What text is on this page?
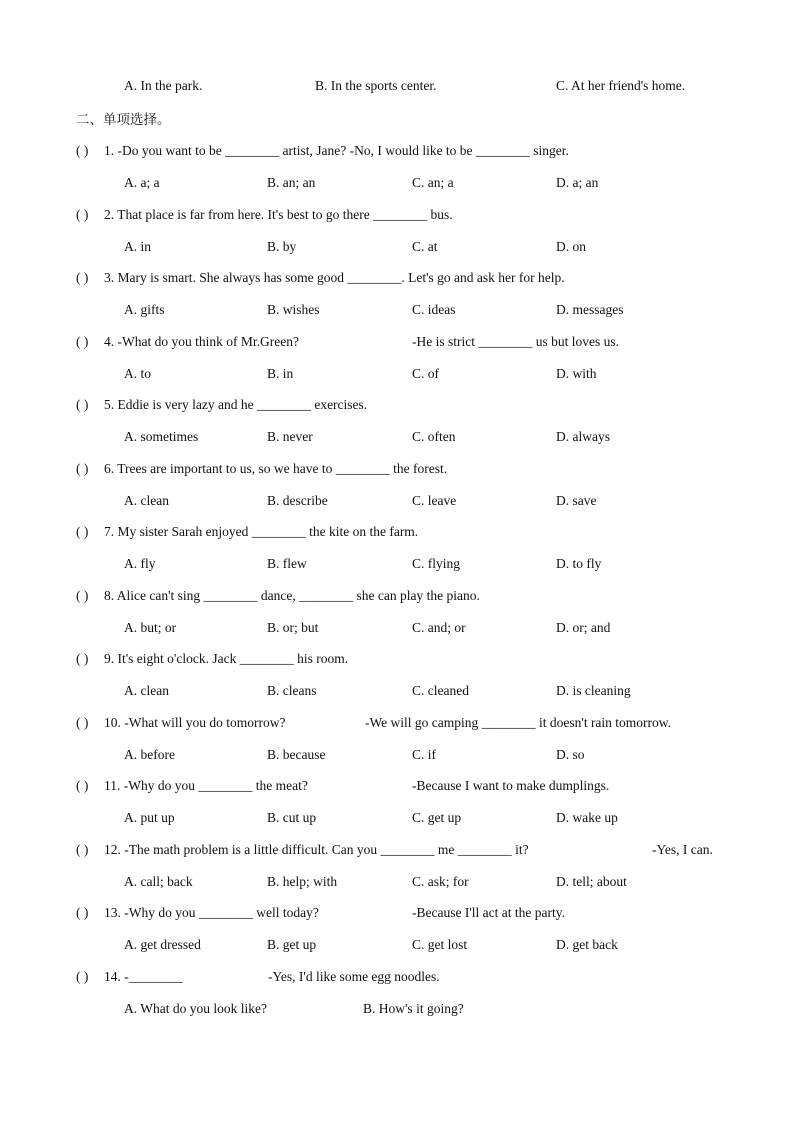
A. In the park.	B. In the sports center.	C. At her friend's home.
二、单项选择。
( ) 1. -Do you want to be ________ artist, Jane? -No, I would like to be ________ singer.
A. a; a	B. an; an	C. an; a	D. a; an
( ) 2. That place is far from here. It's best to go there ________ bus.
A. in	B. by	C. at	D. on
( ) 3. Mary is smart. She always has some good ________. Let's go and ask her for help.
A. gifts	B. wishes	C. ideas	D. messages
( ) 4. -What do you think of Mr.Green?	-He is strict ________ us but loves us.
A. to	B. in	C. of	D. with
( ) 5. Eddie is very lazy and he ________ exercises.
A. sometimes	B. never	C. often	D. always
( ) 6. Trees are important to us, so we have to ________ the forest.
A. clean	B. describe	C. leave	D. save
( ) 7. My sister Sarah enjoyed ________ the kite on the farm.
A. fly	B. flew	C. flying	D. to fly
( ) 8. Alice can't sing ________ dance, ________ she can play the piano.
A. but; or	B. or; but	C. and; or	D. or; and
( ) 9. It's eight o'clock. Jack ________ his room.
A. clean	B. cleans	C. cleaned	D. is cleaning
( ) 10. -What will you do tomorrow?	-We will go camping ________ it doesn't rain tomorrow.
A. before	B. because	C. if	D. so
( ) 11. -Why do you ________ the meat?	-Because I want to make dumplings.
A. put up	B. cut up	C. get up	D. wake up
( ) 12. -The math problem is a little difficult. Can you ________ me ________ it?	-Yes, I can.
A. call; back	B. help; with	C. ask; for	D. tell; about
( ) 13. -Why do you ________ well today?	-Because I'll act at the party.
A. get dressed	B. get up	C. get lost	D. get back
( ) 14. -________	-Yes, I'd like some egg noodles.
A. What do you look like?	B. How's it going?
